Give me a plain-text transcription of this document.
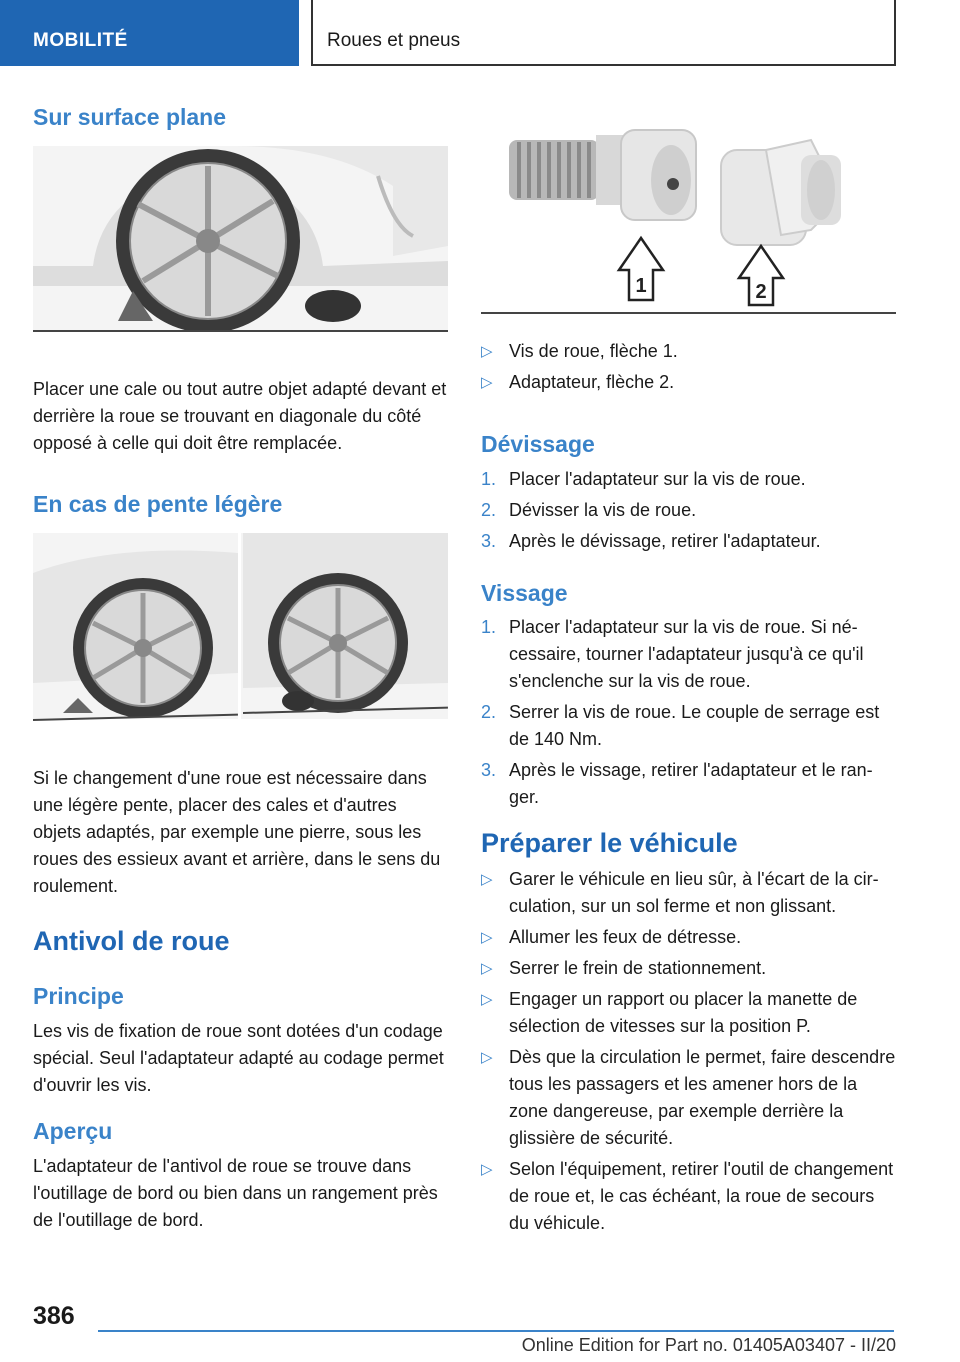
MOBILITÉ	Roues et pneus
Sur surface plane

Placer une cale ou tout autre objet adapté devant et derrière la roue se trouvant en diagonale du côté opposé à celle qui doit être remplacée.

En cas de pente légère

Si le changement d'une roue est nécessaire dans une légère pente, placer des cales et d'autres objets adaptés, par exemple une pierre, sous les roues des essieux avant et arrière, dans le sens du roulement.

Antivol de roue
Principe

Les vis de fixation de roue sont dotées d'un codage spécial. Seul l'adaptateur adapté au codage permet d'ouvrir les vis.

Aperçu

L'adaptateur de l'antivol de roue se trouve dans l'outillage de bord ou bien dans un rangement près de l'outillage de bord.

1	2
▷ Vis de roue, flèche 1.
▷ Adaptateur, flèche 2.
Dévissage
1. Placer l'adaptateur sur la vis de roue.
2. Dévisser la vis de roue.
3. Après le dévissage, retirer l'adaptateur.
Vissage
1. Placer l'adaptateur sur la vis de roue. Si nécessaire, tourner l'adaptateur jusqu'à ce qu'il s'enclenche sur la vis de roue.
2. Serrer la vis de roue. Le couple de serrage est de 140 Nm.
3. Après le vissage, retirer l'adaptateur et le ranger.
Préparer le véhicule
▷ Garer le véhicule en lieu sûr, à l'écart de la circulation, sur un sol ferme et non glissant.
▷ Allumer les feux de détresse.
▷ Serrer le frein de stationnement.
▷ Engager un rapport ou placer la manette de sélection de vitesses sur la position P.
▷ Dès que la circulation le permet, faire descendre tous les passagers et les amener hors de la zone dangereuse, par exemple derrière la glissière de sécurité.
▷ Selon l'équipement, retirer l'outil de changement de roue et, le cas échéant, la roue de secours du véhicule.
386
Online Edition for Part no. 01405A03407 - II/20
